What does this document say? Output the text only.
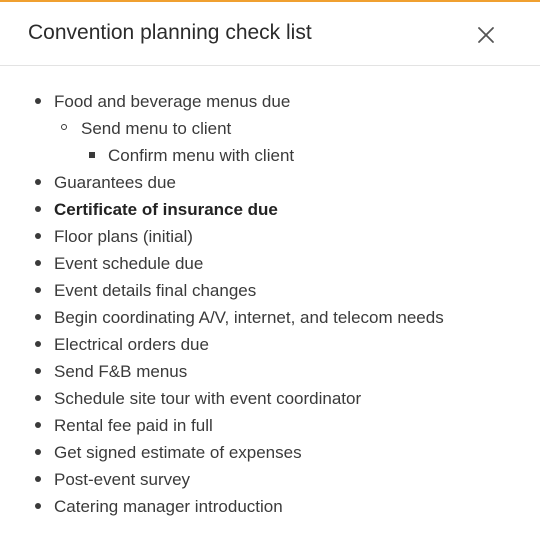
Convention planning check list
Food and beverage menus due
Send menu to client
Confirm menu with client
Guarantees due
Certificate of insurance due
Floor plans (initial)
Event schedule due
Event details final changes
Begin coordinating A/V, internet, and telecom needs
Electrical orders due
Send F&B menus
Schedule site tour with event coordinator
Rental fee paid in full
Get signed estimate of expenses
Post-event survey
Catering manager introduction
